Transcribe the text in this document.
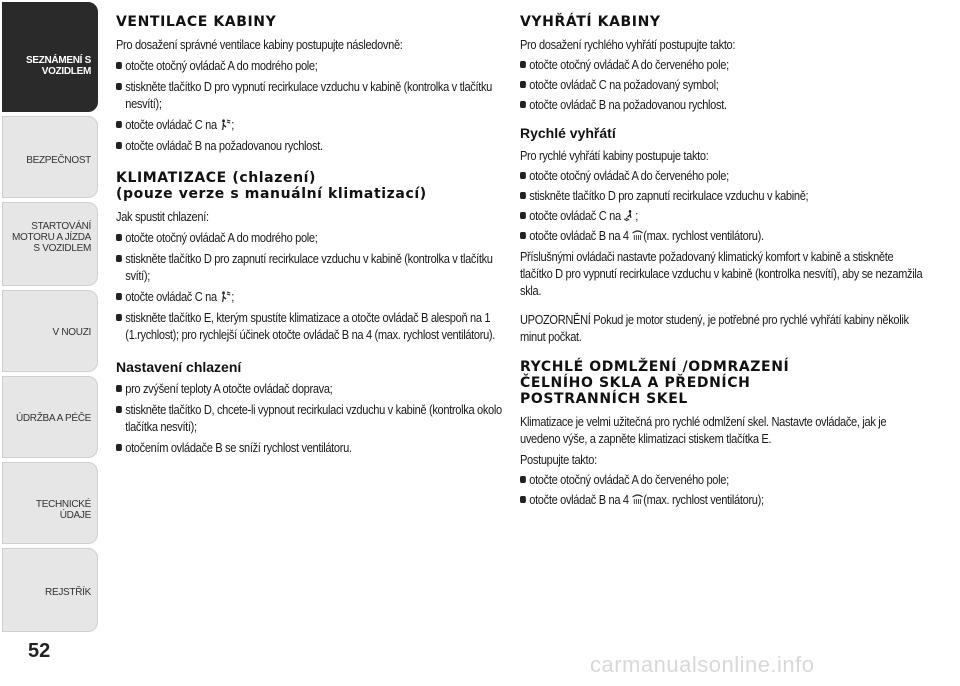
SEZNÁMENÍ S VOZIDLEM
BEZPEČNOST
STARTOVÁNÍ MOTORU A JÍZDA S VOZIDLEM
V NOUZI
ÚDRŽBA A PÉČE
TECHNICKÉ ÚDAJE
REJSTŘÍK
52
VENTILACE KABINY

Pro dosažení správné ventilace kabiny postupujte následovně:

otočte otočný ovládač A do modrého pole;
stiskněte tlačítko D pro vypnutí recirkulace vzduchu v kabině (kontrolka v tlačítku nesvítí);
otočte ovládač C na ;
otočte ovládač B na požadovanou rychlost.
KLIMATIZACE (chlazení)
(pouze verze s manuální klimatizací)

Jak spustit chlazení:

otočte otočný ovládač A do modrého pole;
stiskněte tlačítko D pro zapnutí recirkulace vzduchu v kabině (kontrolka v tlačítku svítí);
otočte ovládač C na ;
stiskněte tlačítko E, kterým spustíte klimatizace a otočte ovládač B alespoň na 1 (1.rychlost); pro rychlejší účinek otočte ovládač B na 4 (max. rychlost ventilátoru).
Nastavení chlazení
pro zvýšení teploty A otočte ovládač doprava;
stiskněte tlačítko D, chcete-li vypnout recirkulaci vzduchu v kabině (kontrolka okolo tlačítka nesvítí);
otočením ovládače B se sníží rychlost ventilátoru.
VYHŘÁTÍ KABINY

Pro dosažení rychlého vyhřátí postupujte takto:

otočte otočný ovládač A do červeného pole;
otočte ovládač C na požadovaný symbol;
otočte ovládač B na požadovanou rychlost.
Rychlé vyhřátí

Pro rychlé vyhřátí kabiny postupuje takto:

otočte otočný ovládač A do červeného pole;
stiskněte tlačítko D pro zapnutí recirkulace vzduchu v kabině;
otočte ovládač C na ;
otočte ovládač B na 4 (max. rychlost ventilátoru).

Příslušnými ovládači nastavte požadovaný klimatický komfort v kabině a stiskněte tlačítko D pro vypnutí recirkulace vzduchu v kabině (kontrolka nesvítí), aby se nezamžila skla.

UPOZORNĚNÍ Pokud je motor studený, je potřebné pro rychlé vyhřátí kabiny několik minut počkat.

RYCHLÉ ODMLŽENÍ /ODMRAZENÍ
ČELNÍHO SKLA A PŘEDNÍCH
POSTRANNÍCH SKEL

Klimatizace je velmi užitečná pro rychlé odmlžení skel. Nastavte ovládače, jak je uvedeno výše, a zapněte klimatizaci stiskem tlačítka E.

Postupujte takto:

otočte otočný ovládač A do červeného pole;
otočte ovládač B na 4 (max. rychlost ventilátoru);
carmanualsonline.info
